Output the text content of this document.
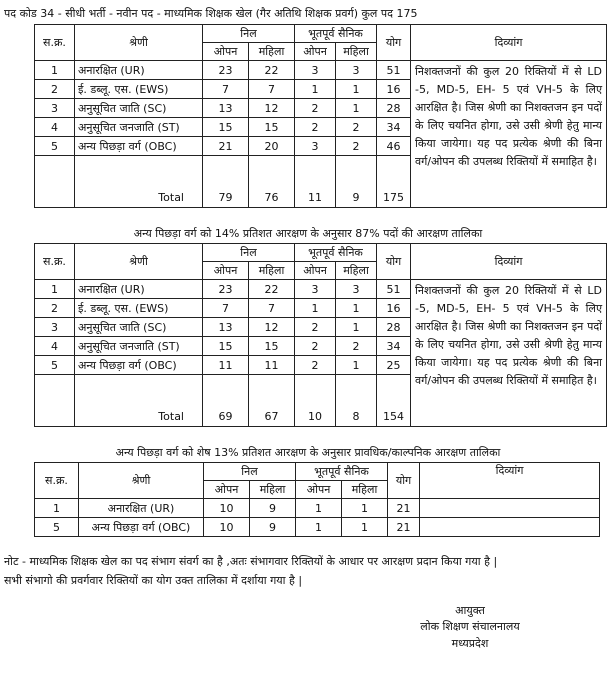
पद कोड 34 - सीधी भर्ती - नवीन पद - माध्यमिक शिक्षक खेल (गैर अतिथि शिक्षक प्रवर्ग) कुल पद 175
स.क्र.	श्रेणी	निल		भूतपूर्व सैनिक		योग	दिव्यांग
		ओपन	महिला	ओपन	महिला		
1	अनारक्षित (UR)	23	22	3	3	51	निशक्तजनों की कुल 20 रिक्तियों में से LD -5, MD-5, EH- 5 एवं VH-5 के लिए आरक्षित है। जिस श्रेणी का निशक्तजन इन पदों के लिए चयनित होगा, उसे उसी श्रेणी हेतु मान्य किया जायेगा। यह पद प्रत्येक श्रेणी की बिना वर्ग/ओपन की उपलब्ध रिक्तियों में समाहित है।
2	ई. डब्लू. एस. (EWS)	7	7	1	1	16	
3	अनुसूचित जाति (SC)	13	12	2	1	28	
4	अनुसूचित जनजाति (ST)	15	15	2	2	34	
5	अन्य पिछड़ा वर्ग (OBC)	21	20	3	2	46	
	Total	79	76	11	9	175	
अन्य पिछड़ा वर्ग को 14% प्रतिशत आरक्षण के अनुसार 87% पदों की आरक्षण तालिका
स.क्र.	श्रेणी	निल		भूतपूर्व सैनिक		योग	दिव्यांग
		ओपन	महिला	ओपन	महिला		
1	अनारक्षित (UR)	23	22	3	3	51	निशक्तजनों की कुल 20 रिक्तियों में से LD -5, MD-5, EH- 5 एवं VH-5 के लिए आरक्षित है। जिस श्रेणी का निशक्तजन इन पदों के लिए चयनित होगा, उसे उसी श्रेणी हेतु मान्य किया जायेगा। यह पद प्रत्येक श्रेणी की बिना वर्ग/ओपन की उपलब्ध रिक्तियों में समाहित है।
2	ई. डब्लू. एस. (EWS)	7	7	1	1	16	
3	अनुसूचित जाति (SC)	13	12	2	1	28	
4	अनुसूचित जनजाति (ST)	15	15	2	2	34	
5	अन्य पिछड़ा वर्ग (OBC)	11	11	2	1	25	
	Total	69	67	10	8	154	
अन्य पिछड़ा वर्ग को शेष 13% प्रतिशत आरक्षण के अनुसार प्रावधिक/काल्पनिक आरक्षण तालिका
स.क्र.	श्रेणी	निल		भूतपूर्व सैनिक		योग	दिव्यांग
		ओपन	महिला	ओपन	महिला		
1	अनारक्षित (UR)	10	9	1	1	21	
5	अन्य पिछड़ा वर्ग (OBC)	10	9	1	1	21	
नोट - माध्यमिक शिक्षक खेल का पद संभाग संवर्ग का है ,अतः संभागवार रिक्तियों के आधार पर आरक्षण प्रदान किया गया है |
सभी संभागो की प्रवर्गवार रिक्तियों का योग उक्त तालिका में दर्शाया गया है |
आयुक्त
लोक शिक्षण संचालनालय
मध्यप्रदेश
